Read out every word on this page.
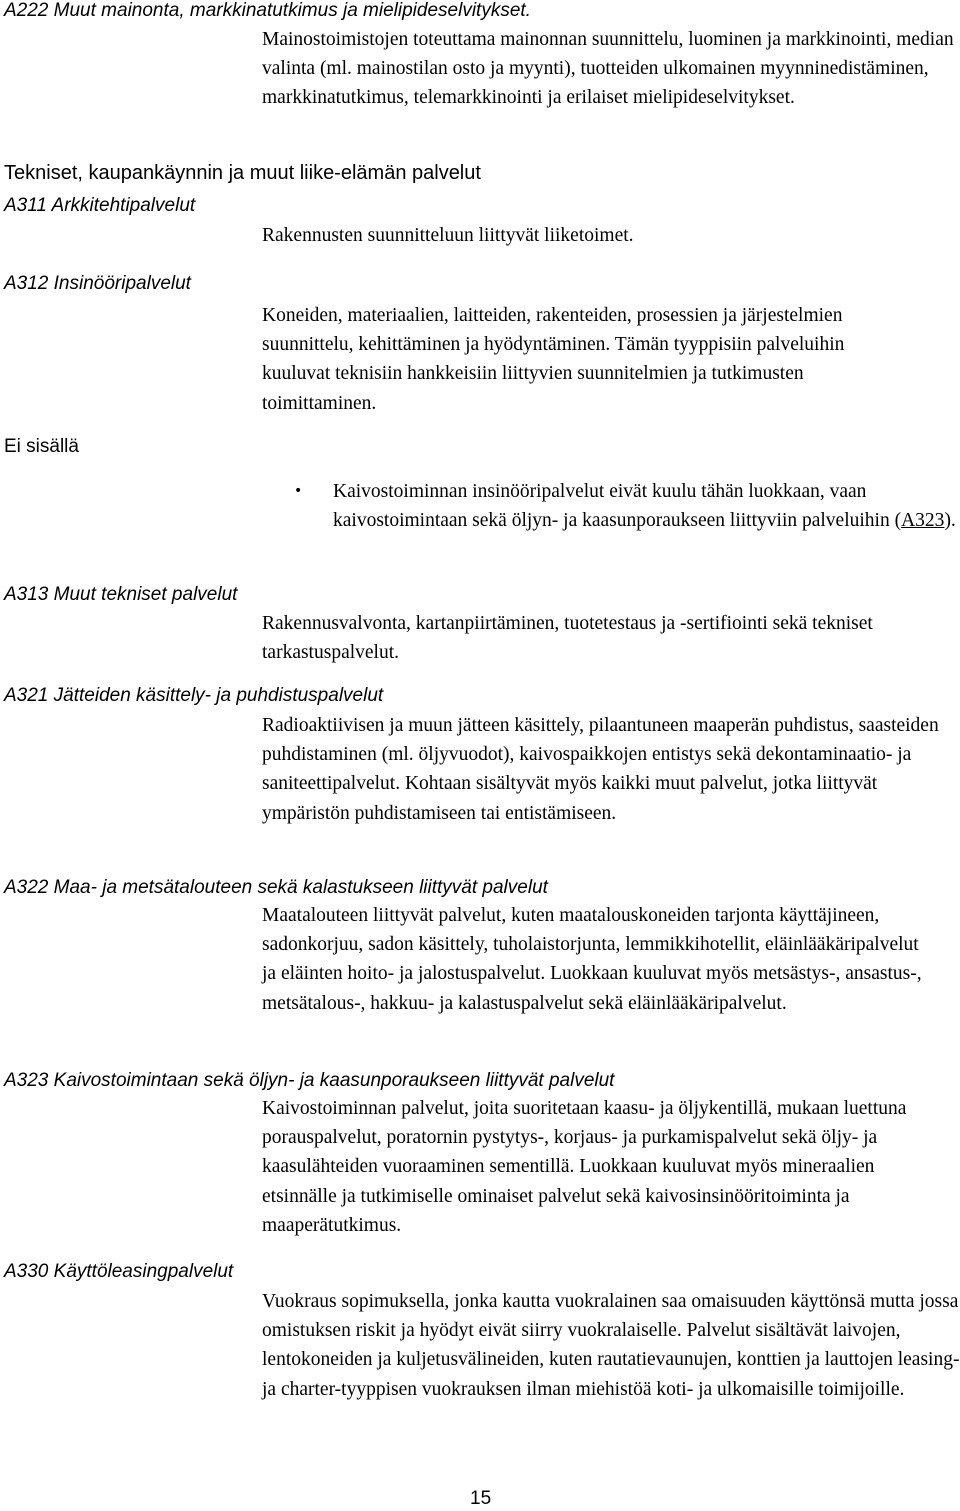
A222 Muut mainonta, markkinatutkimus ja mielipideselvitykset.

Mainostoimistojen toteuttama mainonnan suunnittelu, luominen ja markkinointi, median valinta (ml. mainostilan osto ja myynti), tuotteiden ulkomainen myynninedistäminen, markkinatutkimus, telemarkkinointi ja erilaiset mielipideselvitykset.

Tekniset, kaupankäynnin ja muut liike-elämän palvelut
A311 Arkkitehtipalvelut

Rakennusten suunnitteluun liittyvät liiketoimet.

A312 Insinööripalvelut

Koneiden, materiaalien, laitteiden, rakenteiden, prosessien ja järjestelmien suunnittelu, kehittäminen ja hyödyntäminen. Tämän tyyppisiin palveluihin kuuluvat teknisiin hankkeisiin liittyvien suunnitelmien ja tutkimusten toimittaminen.

Ei sisällä
• Kaivostoiminnan insinööripalvelut eivät kuulu tähän luokkaan, vaan kaivostoimintaan sekä öljyn- ja kaasunporaukseen liittyviin palveluihin (A323).
A313 Muut tekniset palvelut

Rakennusvalvonta, kartanpiirtäminen, tuotetestaus ja -sertifiointi sekä tekniset tarkastuspalvelut.

A321 Jätteiden käsittely- ja puhdistuspalvelut

Radioaktiivisen ja muun jätteen käsittely, pilaantuneen maaperän puhdistus, saasteiden puhdistaminen (ml. öljyvuodot), kaivospaikkojen entistys sekä dekontaminaatio- ja saniteettipalvelut. Kohtaan sisältyvät myös kaikki muut palvelut, jotka liittyvät ympäristön puhdistamiseen tai entistämiseen.

A322 Maa- ja metsätalouteen sekä kalastukseen liittyvät palvelut

Maatalouteen liittyvät palvelut, kuten maatalouskoneiden tarjonta käyttäjineen, sadonkorjuu, sadon käsittely, tuholaistorjunta, lemmikkihotellit, eläinlääkäripalvelut ja eläinten hoito- ja jalostuspalvelut. Luokkaan kuuluvat myös metsästys-, ansastus-, metsätalous-, hakkuu- ja kalastuspalvelut sekä eläinlääkäripalvelut.

A323 Kaivostoimintaan sekä öljyn- ja kaasunporaukseen liittyvät palvelut

Kaivostoiminnan palvelut, joita suoritetaan kaasu- ja öljykentillä, mukaan luettuna porauspalvelut, poratornin pystytys-, korjaus- ja purkamispalvelut sekä öljy- ja kaasulähteiden vuoraaminen sementillä. Luokkaan kuuluvat myös mineraalien etsinnälle ja tutkimiselle ominaiset palvelut sekä kaivosinsinööritoiminta ja maaperätutkimus.

A330 Käyttöleasingpalvelut

Vuokraus sopimuksella, jonka kautta vuokralainen saa omaisuuden käyttönsä mutta jossa omistuksen riskit ja hyödyt eivät siirry vuokralaiselle. Palvelut sisältävät laivojen, lentokoneiden ja kuljetusvälineiden, kuten rautatievaunujen, konttien ja lauttojen leasing- ja charter-tyyppisen vuokrauksen ilman miehistöä koti- ja ulkomaisille toimijoille.

15
